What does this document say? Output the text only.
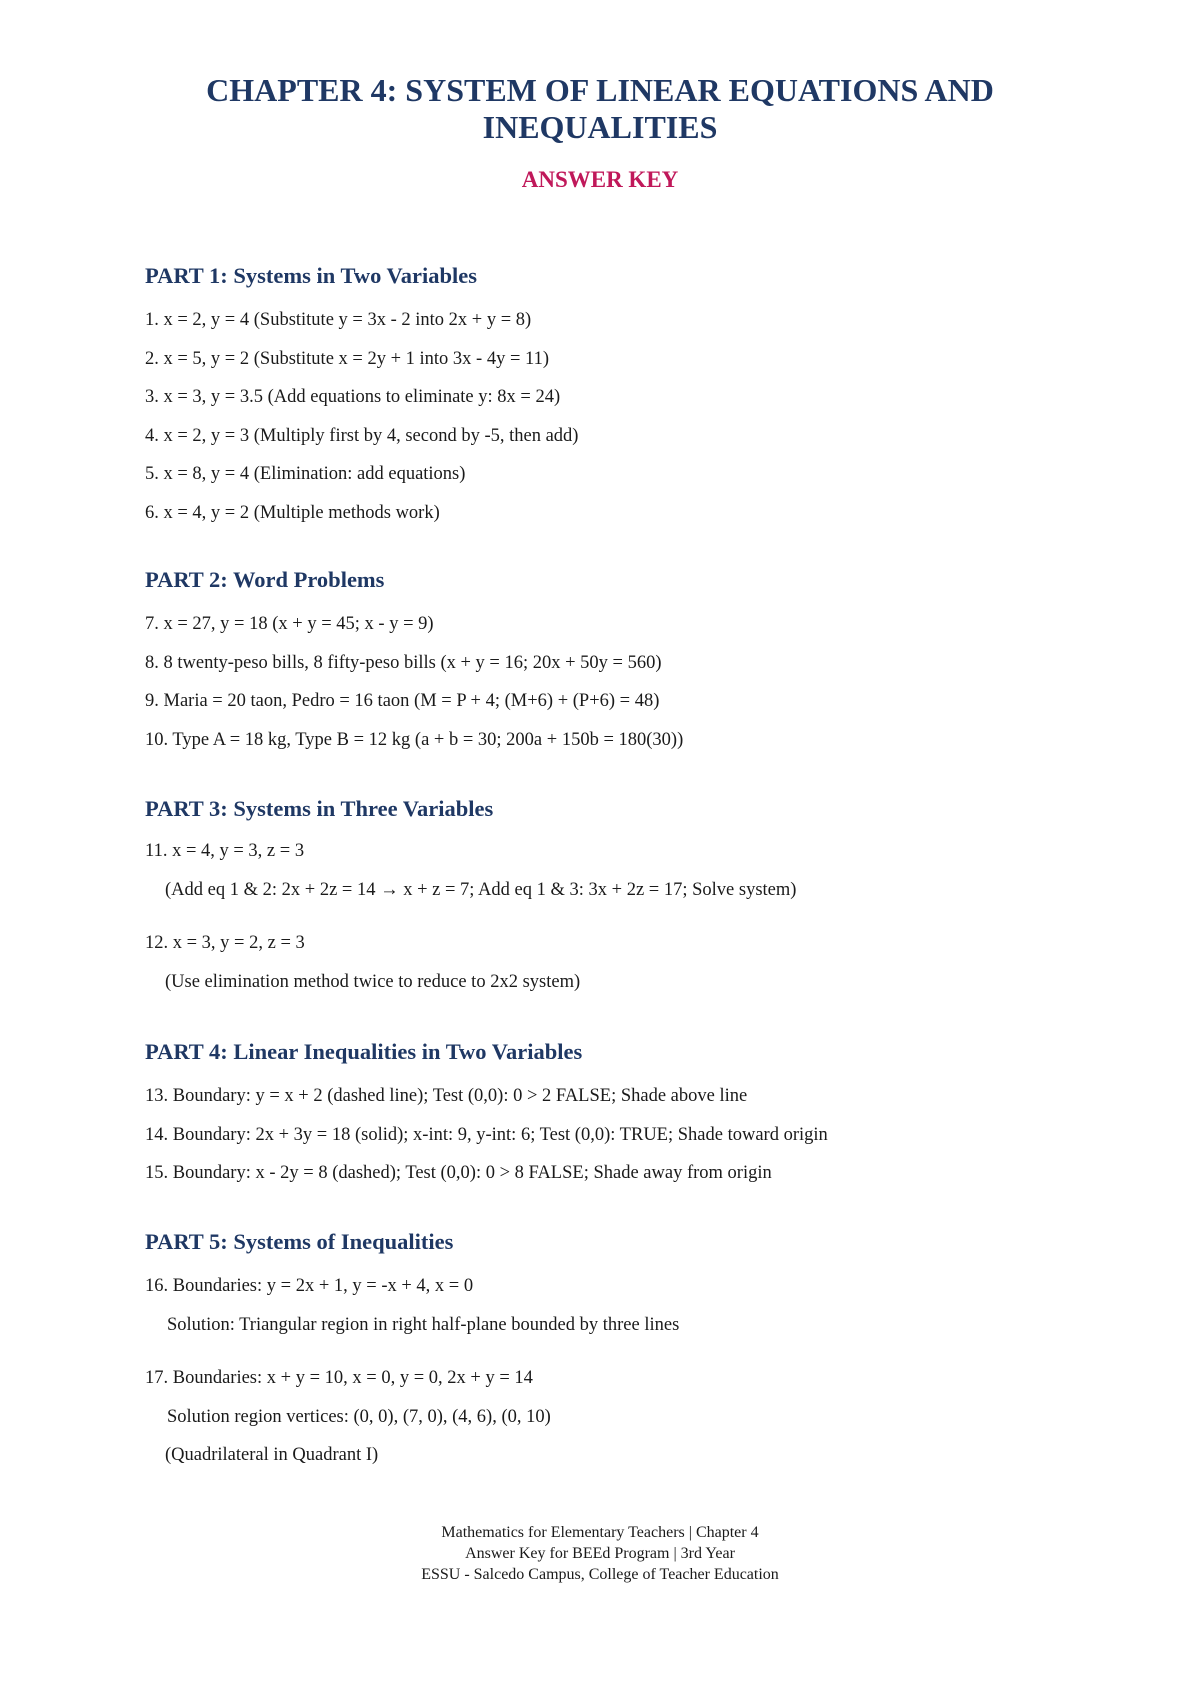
CHAPTER 4: SYSTEM OF LINEAR EQUATIONS AND
INEQUALITIES
ANSWER KEY
PART 1: Systems in Two Variables
1. x = 2, y = 4 (Substitute y = 3x - 2 into 2x + y = 8)
2. x = 5, y = 2 (Substitute x = 2y + 1 into 3x - 4y = 11)
3. x = 3, y = 3.5 (Add equations to eliminate y: 8x = 24)
4. x = 2, y = 3 (Multiply first by 4, second by -5, then add)
5. x = 8, y = 4 (Elimination: add equations)
6. x = 4, y = 2 (Multiple methods work)
PART 2: Word Problems
7. x = 27, y = 18 (x + y = 45; x - y = 9)
8. 8 twenty-peso bills, 8 fifty-peso bills (x + y = 16; 20x + 50y = 560)
9. Maria = 20 taon, Pedro = 16 taon (M = P + 4; (M+6) + (P+6) = 48)
10. Type A = 18 kg, Type B = 12 kg (a + b = 30; 200a + 150b = 180(30))
PART 3: Systems in Three Variables
11. x = 4, y = 3, z = 3
(Add eq 1 & 2: 2x + 2z = 14 → x + z = 7; Add eq 1 & 3: 3x + 2z = 17; Solve system)
12. x = 3, y = 2, z = 3
(Use elimination method twice to reduce to 2x2 system)
PART 4: Linear Inequalities in Two Variables
13. Boundary: y = x + 2 (dashed line); Test (0,0): 0 > 2 FALSE; Shade above line
14. Boundary: 2x + 3y = 18 (solid); x-int: 9, y-int: 6; Test (0,0): TRUE; Shade toward origin
15. Boundary: x - 2y = 8 (dashed); Test (0,0): 0 > 8 FALSE; Shade away from origin
PART 5: Systems of Inequalities
16. Boundaries: y = 2x + 1, y = -x + 4, x = 0
Solution: Triangular region in right half-plane bounded by three lines
17. Boundaries: x + y = 10, x = 0, y = 0, 2x + y = 14
Solution region vertices: (0, 0), (7, 0), (4, 6), (0, 10)
(Quadrilateral in Quadrant I)
Mathematics for Elementary Teachers | Chapter 4
Answer Key for BEEd Program | 3rd Year
ESSU - Salcedo Campus, College of Teacher Education
